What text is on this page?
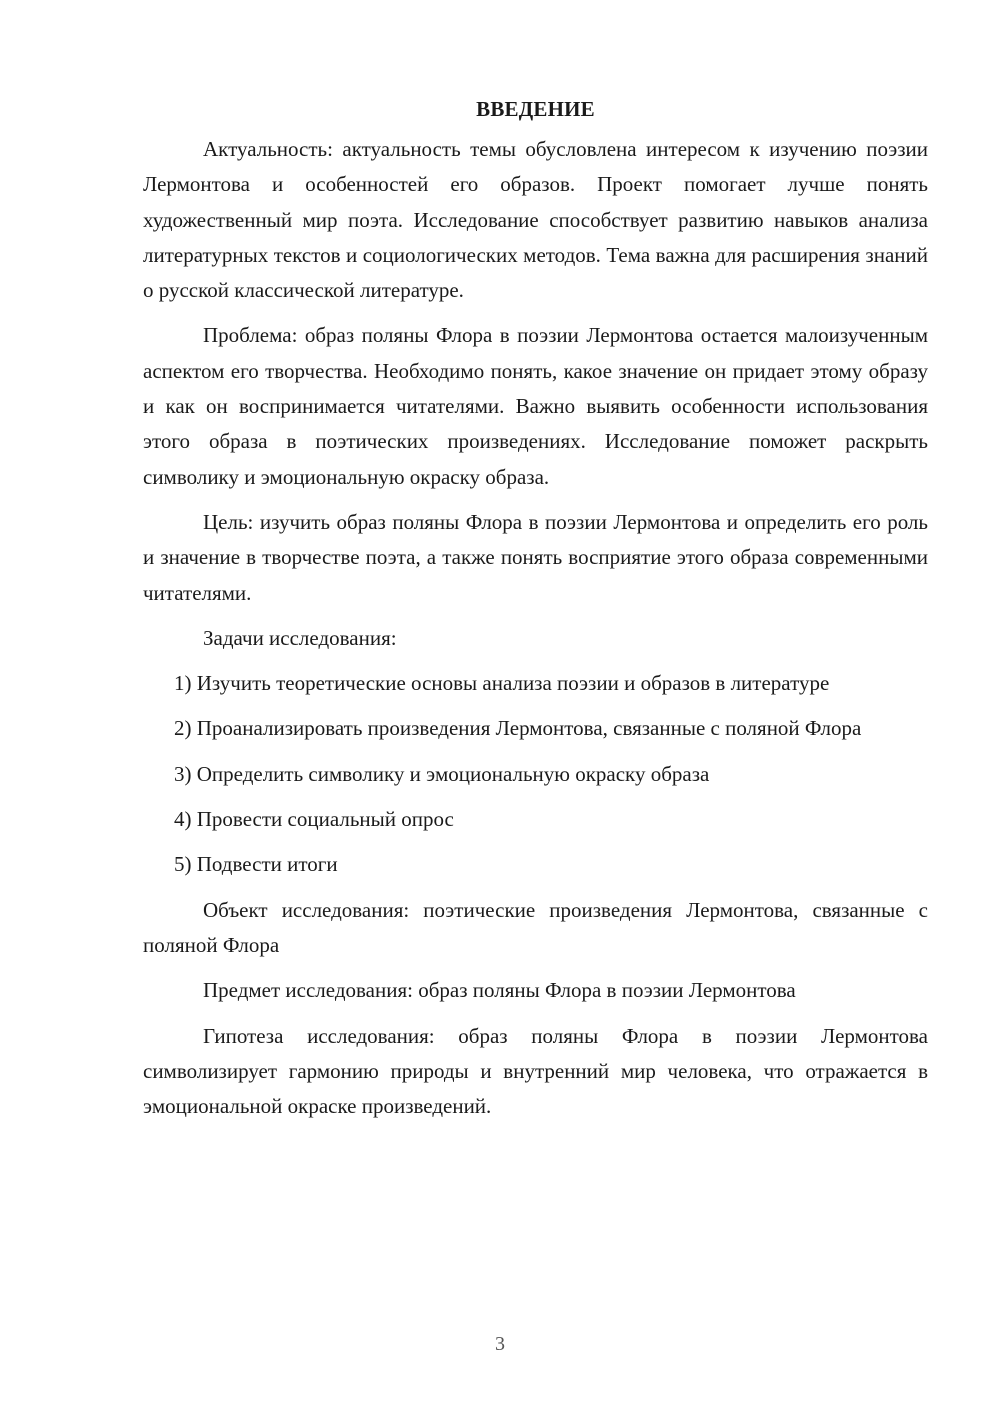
ВВЕДЕНИЕ

Актуальность: актуальность темы обусловлена интересом к изучению поэзии Лермонтова и особенностей его образов. Проект помогает лучше понять художественный мир поэта. Исследование способствует развитию навыков анализа литературных текстов и социологических методов. Тема важна для расширения знаний о русской классической литературе.

Проблема: образ поляны Флора в поэзии Лермонтова остается малоизученным аспектом его творчества. Необходимо понять, какое значение он придает этому образу и как он воспринимается читателями. Важно выявить особенности использования этого образа в поэтических произведениях. Исследование поможет раскрыть символику и эмоциональную окраску образа.

Цель: изучить образ поляны Флора в поэзии Лермонтова и определить его роль и значение в творчестве поэта, а также понять восприятие этого образа современными читателями.

Задачи исследования:

1) Изучить теоретические основы анализа поэзии и образов в литературе

2) Проанализировать произведения Лермонтова, связанные с поляной Флора

3) Определить символику и эмоциональную окраску образа

4) Провести социальный опрос

5) Подвести итоги

Объект исследования: поэтические произведения Лермонтова, связанные с поляной Флора

Предмет исследования: образ поляны Флора в поэзии Лермонтова

Гипотеза исследования: образ поляны Флора в поэзии Лермонтова символизирует гармонию природы и внутренний мир человека, что отражается в эмоциональной окраске произведений.

3
